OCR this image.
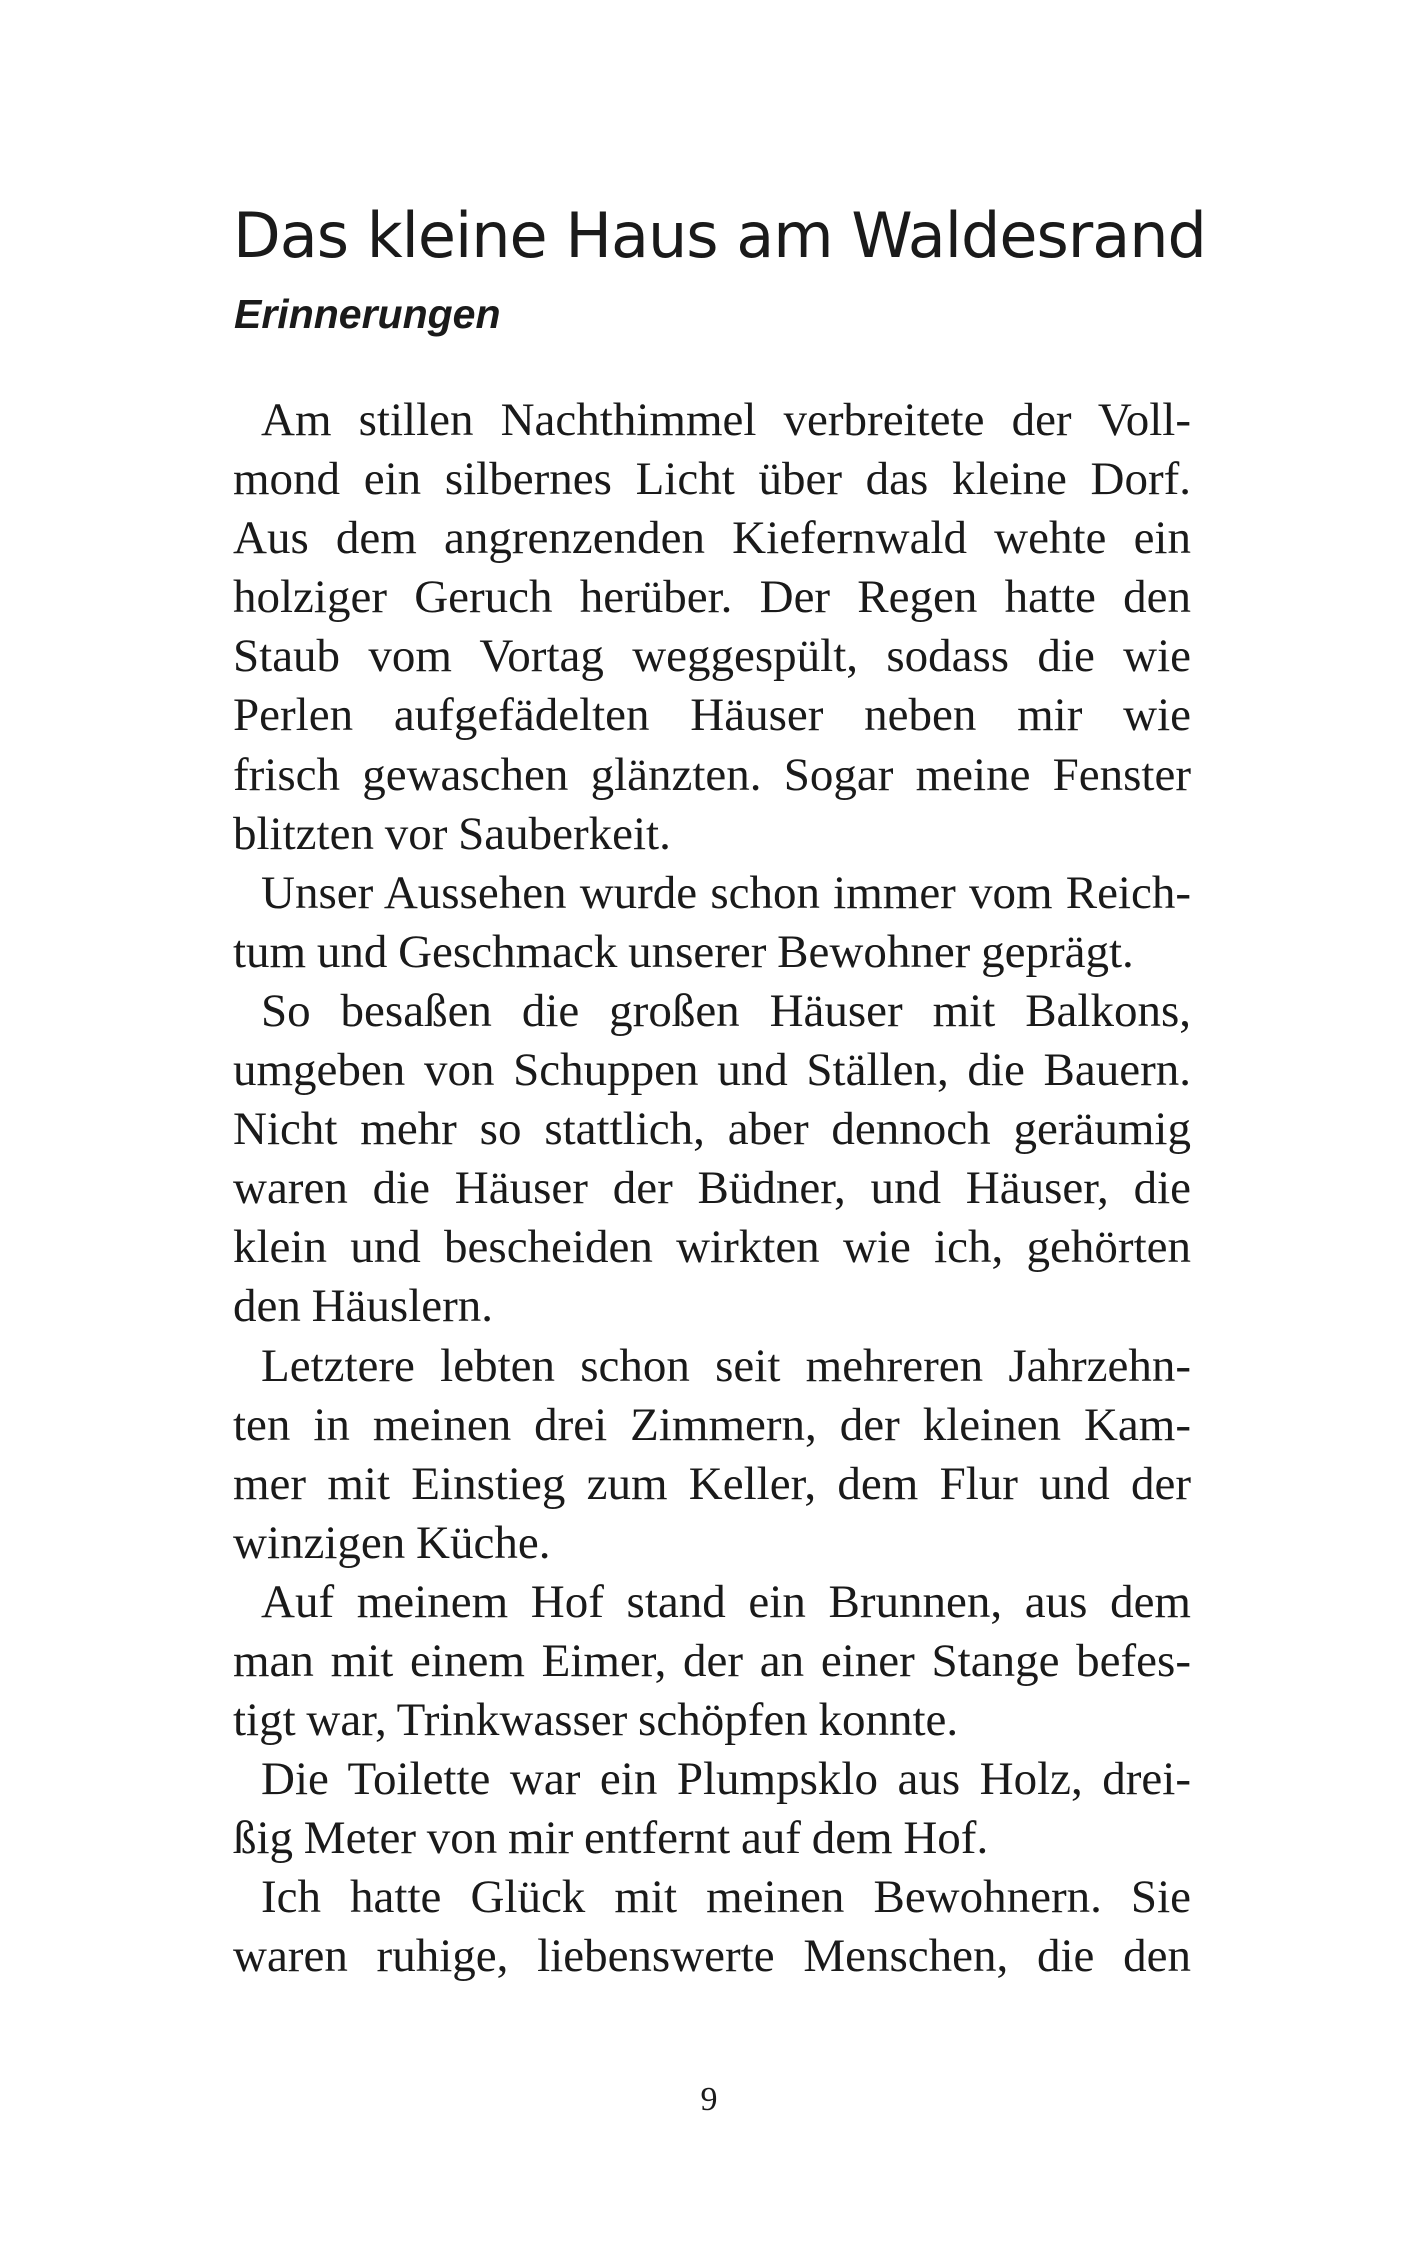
Das kleine Haus am Waldesrand
Erinnerungen
Am stillen Nachthimmel verbreitete der Voll-
mond ein silbernes Licht über das kleine Dorf.
Aus dem angrenzenden Kiefernwald wehte ein
holziger Geruch herüber. Der Regen hatte den
Staub vom Vortag weggespült, sodass die wie
Perlen aufgefädelten Häuser neben mir wie
frisch gewaschen glänzten. Sogar meine Fenster
blitzten vor Sauberkeit.
Unser Aussehen wurde schon immer vom Reich-
tum und Geschmack unserer Bewohner geprägt.
So besaßen die großen Häuser mit Balkons,
umgeben von Schuppen und Ställen, die Bauern.
Nicht mehr so stattlich, aber dennoch geräumig
waren die Häuser der Büdner, und Häuser, die
klein und bescheiden wirkten wie ich, gehörten
den Häuslern.
Letztere lebten schon seit mehreren Jahrzehn-
ten in meinen drei Zimmern, der kleinen Kam-
mer mit Einstieg zum Keller, dem Flur und der
winzigen Küche.
Auf meinem Hof stand ein Brunnen, aus dem
man mit einem Eimer, der an einer Stange befes-
tigt war, Trinkwasser schöpfen konnte.
Die Toilette war ein Plumpsklo aus Holz, drei-
ßig Meter von mir entfernt auf dem Hof.
Ich hatte Glück mit meinen Bewohnern. Sie
waren ruhige, liebenswerte Menschen, die den
9
